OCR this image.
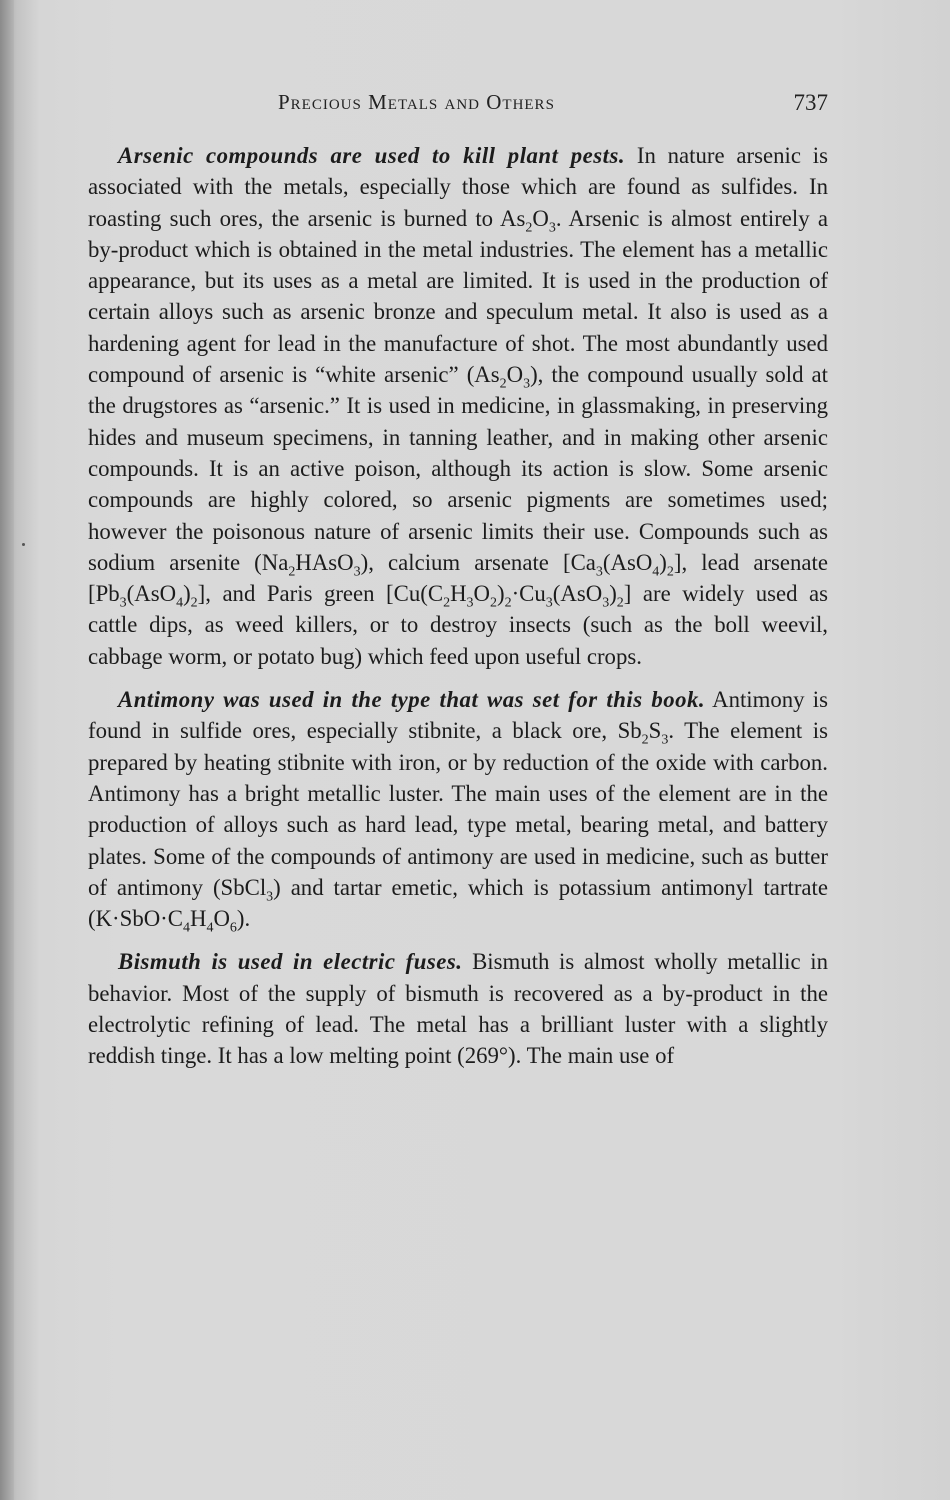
Precious Metals and Others	737

Arsenic compounds are used to kill plant pests. In nature arsenic is associated with the metals, especially those which are found as sulfides. In roasting such ores, the arsenic is burned to $As_2O_3$. Arsenic is almost entirely a by-product which is obtained in the metal industries. The element has a metallic appearance, but its uses as a metal are limited. It is used in the production of certain alloys such as arsenic bronze and speculum metal. It also is used as a hardening agent for lead in the manufacture of shot. The most abundantly used compound of arsenic is “white arsenic” $(As_2O_3)$, the compound usually sold at the drugstores as “arsenic.” It is used in medicine, in glassmaking, in preserving hides and museum specimens, in tanning leather, and in making other arsenic compounds. It is an active poison, although its action is slow. Some arsenic compounds are highly colored, so arsenic pigments are sometimes used; however the poisonous nature of arsenic limits their use. Compounds such as sodium arsenite $(Na_2HAsO_3)$, calcium arsenate $[Ca_3(AsO_4)_2]$, lead arsenate $[Pb_3(AsO_4)_2]$, and Paris green $[Cu(C_2H_3O_2)_2\cdot Cu_3(AsO_3)_2]$ are widely used as cattle dips, as weed killers, or to destroy insects (such as the boll weevil, cabbage worm, or potato bug) which feed upon useful crops.

Antimony was used in the type that was set for this book. Antimony is found in sulfide ores, especially stibnite, a black ore, $Sb_2S_3$. The element is prepared by heating stibnite with iron, or by reduction of the oxide with carbon. Antimony has a bright metallic luster. The main uses of the element are in the production of alloys such as hard lead, type metal, bearing metal, and battery plates. Some of the compounds of antimony are used in medicine, such as butter of antimony (SbCl$_3$) and tartar emetic, which is potassium antimonyl tartrate $(K\cdot SbO\cdot C_4H_4O_6)$.

Bismuth is used in electric fuses. Bismuth is almost wholly metallic in behavior. Most of the supply of bismuth is recovered as a by-product in the electrolytic refining of lead. The metal has a brilliant luster with a slightly reddish tinge. It has a low melting point (269°). The main use of
